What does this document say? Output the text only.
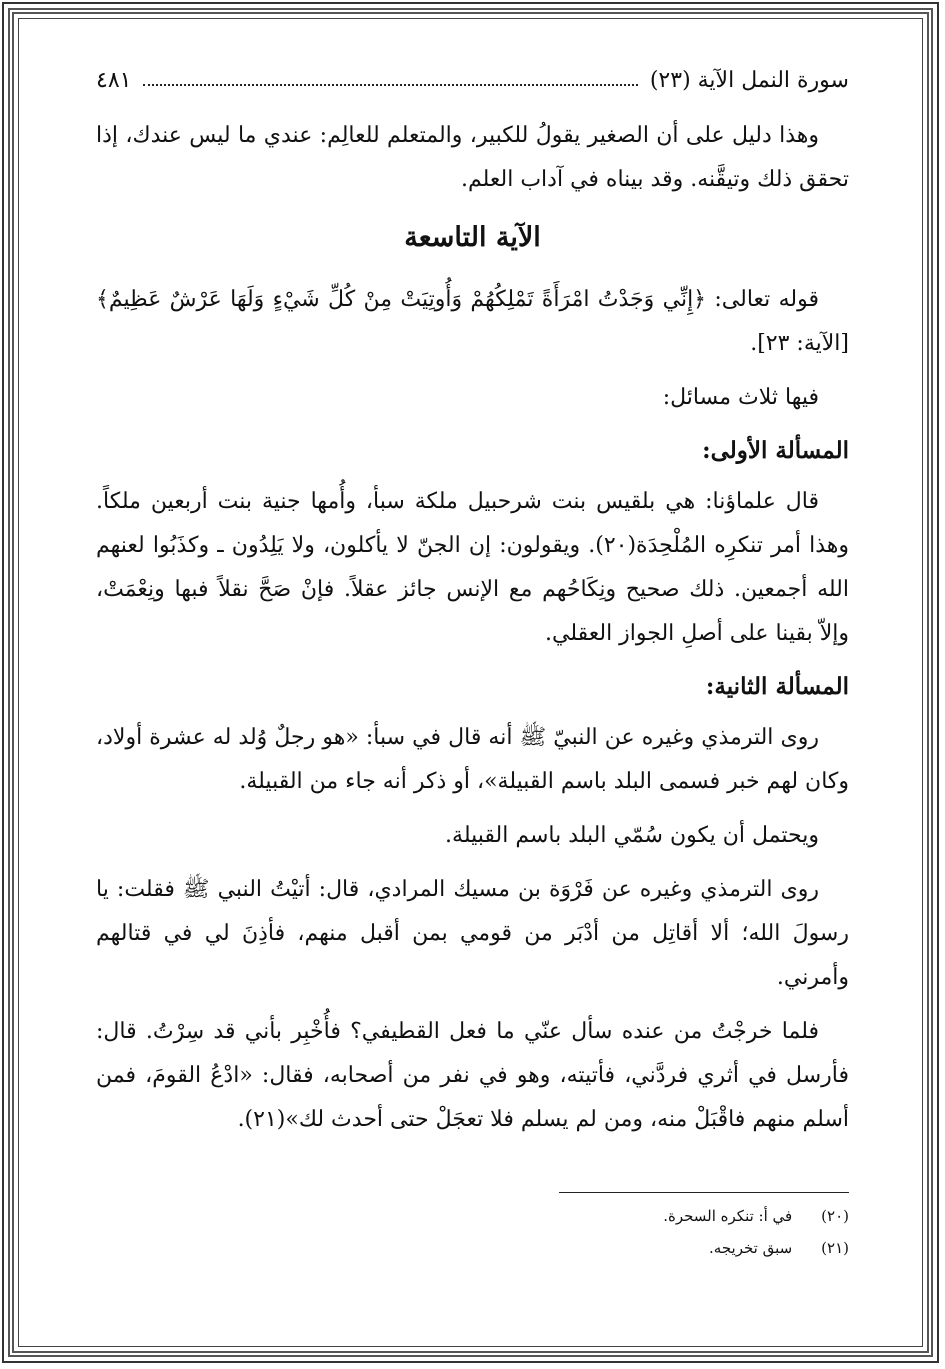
سورة النمل الآية (٢٣)
٤٨١

وهذا دليل على أن الصغير يقولُ للكبير، والمتعلم للعالِم: عندي ما ليس عندك، إذا تحقق ذلك وتيقَّنه. وقد بيناه في آداب العلم.

الآية التاسعة

قوله تعالى: ﴿إِنِّي وَجَدْتُ امْرَأَةً تَمْلِكُهُمْ وَأُوتِيَتْ مِنْ كُلِّ شَيْءٍ وَلَهَا عَرْشٌ عَظِيمٌ﴾ [الآية: ٢٣].

فيها ثلاث مسائل:

المسألة الأولى:

قال علماؤنا: هي بلقيس بنت شرحبيل ملكة سبأ، وأُمها جنية بنت أربعين ملكاً. وهذا أمر تنكرِه المُلْحِدَة(٢٠). ويقولون: إن الجنّ لا يأكلون، ولا يَلِدُون ـ وكذَبُوا لعنهم الله أجمعين. ذلك صحيح ونِكَاحُهم مع الإنس جائز عقلاً. فإنْ صَحَّ نقلاً فبها ونِعْمَتْ، وإلاّ بقينا على أصلِ الجواز العقلي.

المسألة الثانية:

روى الترمذي وغيره عن النبيّ ﷺ أنه قال في سبأ: «هو رجلٌ وُلد له عشرة أولاد، وكان لهم خبر فسمى البلد باسم القبيلة»، أو ذكر أنه جاء من القبيلة.

ويحتمل أن يكون سُمّي البلد باسم القبيلة.

روى الترمذي وغيره عن فَرْوَة بن مسيك المرادي، قال: أتيْتُ النبي ﷺ فقلت: يا رسولَ الله؛ ألا أقاتِل من أدْبَر من قومي بمن أقبل منهم، فأذِنَ لي في قتالهم وأمرني.

فلما خرجْتُ من عنده سأل عنّي ما فعل القطيفي؟ فأُخْبِر بأني قد سِرْتُ. قال: فأرسل في أثري فردَّني، فأتيته، وهو في نفر من أصحابه، فقال: «ادْعُ القومَ، فمن أسلم منهم فاقْبَلْ منه، ومن لم يسلم فلا تعجَلْ حتى أحدث لك»(٢١).

(٢٠) في أ: تنكره السحرة.
(٢١) سبق تخريجه.
